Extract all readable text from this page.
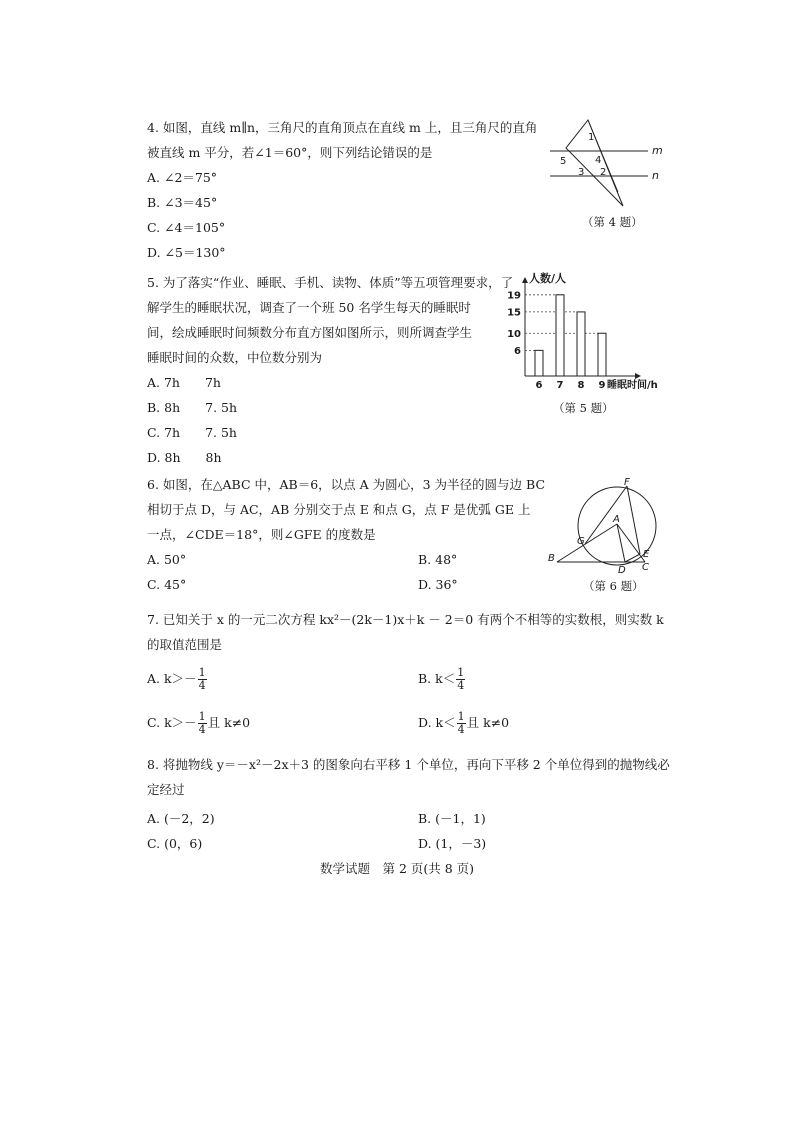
4. 如图，直线 m∥n，三角尺的直角顶点在直线 m 上，且三角尺的直角
被直线 m 平分，若∠1＝60°，则下列结论错误的是
A. ∠2＝75°
B. ∠3＝45°
C. ∠4＝105°
D. ∠5＝130°
1
4
5
3 2
m
n
（第 4 题）
5. 为了落实“作业、睡眠、手机、读物、体质”等五项管理要求，了
解学生的睡眠状况，调查了一个班 50 名学生每天的睡眠时
间，绘成睡眠时间频数分布直方图如图所示，则所调查学生
睡眠时间的众数，中位数分别为
A. 7h　　7h
B. 8h　　7. 5h
C. 7h　　7. 5h
D. 8h　　8h
6 7 8 9
6
10
15
19
人数/人
睡眠时间/h
（第 5 题）
6. 如图，在△ABC 中，AB＝6，以点 A 为圆心，3 为半径的圆与边 BC
相切于点 D，与 AC，AB 分别交于点 E 和点 G，点 F 是优弧 GE 上
一点，∠CDE＝18°，则∠GFE 的度数是
A. 50°	B. 48°
C. 45°	D. 36°
F
A
G
B
D
E
C
（第 6 题）
7. 已知关于 x 的一元二次方程 kx²－(2k－1)x＋k － 2＝0 有两个不相等的实数根，则实数 k
的取值范围是
A. $k>- \frac{1}{4}$	B. $k< \frac{1}{4}$
C. $k>- \frac{1}{4}$ 且 k≠0	D. $k< \frac{1}{4}$ 且 k≠0
8. 将抛物线 y＝－x²－2x＋3 的图象向右平移 1 个单位，再向下平移 2 个单位得到的抛物线必
定经过
A. (－2，2)	B. (－1，1)
C. (0，6)	D. (1，－3)
数学试题　第 2 页(共 8 页)
